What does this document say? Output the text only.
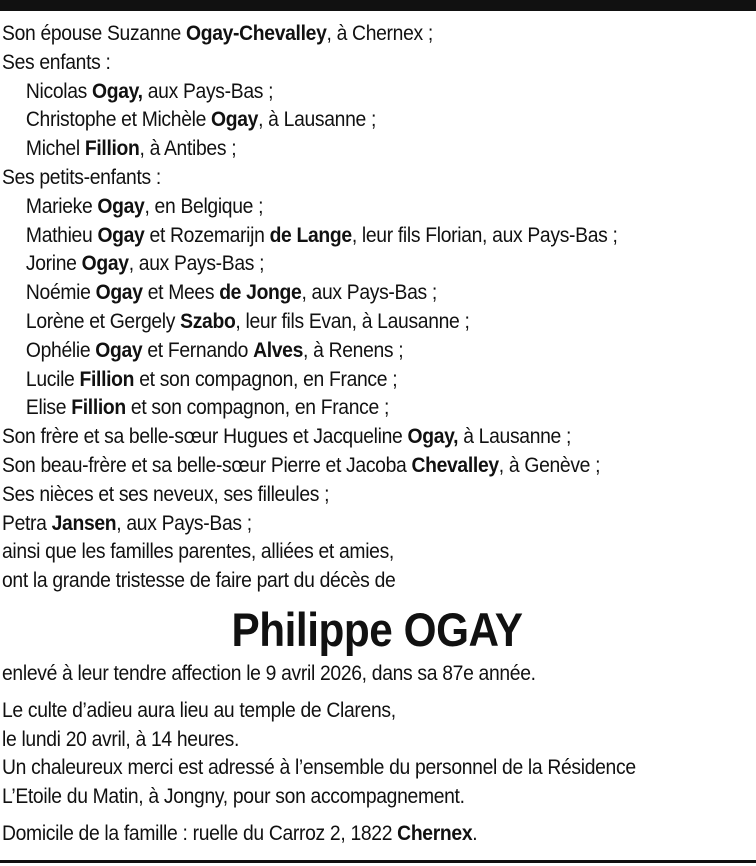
Son épouse Suzanne Ogay-Chevalley, à Chernex ;
Ses enfants :
Nicolas Ogay, aux Pays-Bas ;
Christophe et Michèle Ogay, à Lausanne ;
Michel Fillion, à Antibes ;
Ses petits-enfants :
Marieke Ogay, en Belgique ;
Mathieu Ogay et Rozemarijn de Lange, leur fils Florian, aux Pays-Bas ;
Jorine Ogay, aux Pays-Bas ;
Noémie Ogay et Mees de Jonge, aux Pays-Bas ;
Lorène et Gergely Szabo, leur fils Evan, à Lausanne ;
Ophélie Ogay et Fernando Alves, à Renens ;
Lucile Fillion et son compagnon, en France ;
Elise Fillion et son compagnon, en France ;
Son frère et sa belle-sœur Hugues et Jacqueline Ogay, à Lausanne ;
Son beau-frère et sa belle-sœur Pierre et Jacoba Chevalley, à Genève ;
Ses nièces et ses neveux, ses filleules ;
Petra Jansen, aux Pays-Bas ;
ainsi que les familles parentes, alliées et amies,
ont la grande tristesse de faire part du décès de
Philippe OGAY
enlevé à leur tendre affection le 9 avril 2026, dans sa 87e année.
Le culte d’adieu aura lieu au temple de Clarens,
le lundi 20 avril, à 14 heures.
Un chaleureux merci est adressé à l’ensemble du personnel de la Résidence
L’Etoile du Matin, à Jongny, pour son accompagnement.
Domicile de la famille : ruelle du Carroz 2, 1822 Chernex.
